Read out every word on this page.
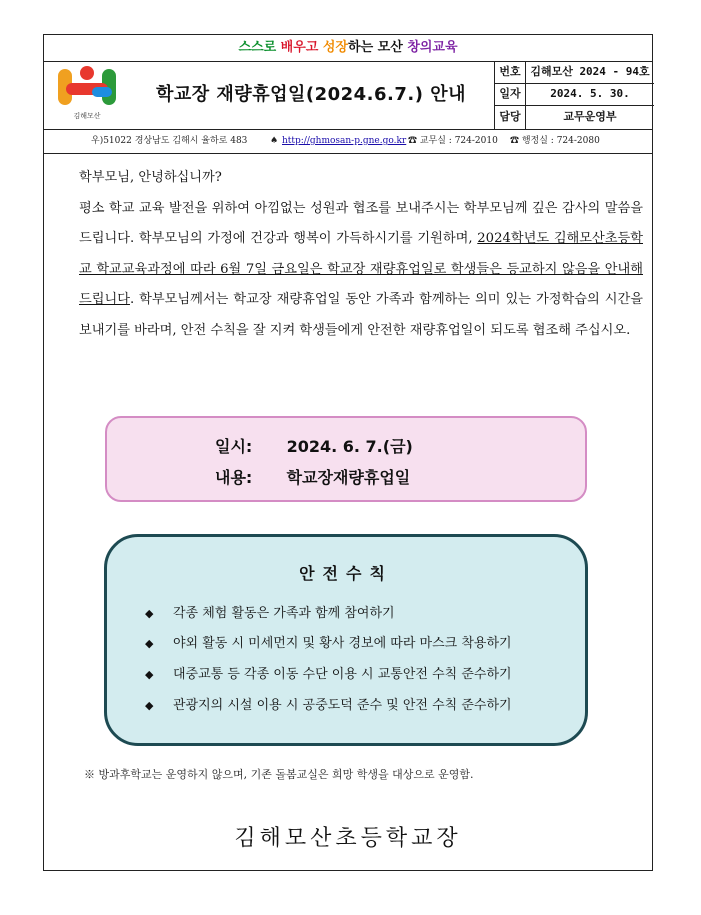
스스로 배우고 성장하는 모산 창의교육
김해모산
학교장 재량휴업일(2024.6.7.) 안내
번호 김해모산 2024 - 94호
일자	2024. 5. 30.
담당	교무운영부
우)51022 경상남도 김해시 율하로 483	♠ http://ghmosan-p.gne.go.kr ☎ 교무실 : 724-2010 ☎ 행정실 : 724-2080

학부모님, 안녕하십니까?

평소 학교 교육 발전을 위하여 아낌없는 성원과 협조를 보내주시는 학부모님께 깊은 감사의 말씀을 드립니다. 학부모님의 가정에 건강과 행복이 가득하시기를 기원하며, 2024학년도 김해모산초등학교 학교교육과정에 따라 6월 7일 금요일은 학교장 재량휴업일로 학생들은 등교하지 않음을 안내해 드립니다. 학부모님께서는 학교장 재량휴업일 동안 가족과 함께하는 의미 있는 가정학습의 시간을 보내기를 바라며, 안전 수칙을 잘 지켜 학생들에게 안전한 재량휴업일이 되도록 협조해 주십시오.

일시: 2024. 6. 7.(금)
내용: 학교장재량휴업일
안전수칙
◆ 각종 체험 활동은 가족과 함께 참여하기
◆ 야외 활동 시 미세먼지 및 황사 경보에 따라 마스크 착용하기
◆ 대중교통 등 각종 이동 수단 이용 시 교통안전 수칙 준수하기
◆ 관광지의 시설 이용 시 공중도덕 준수 및 안전 수칙 준수하기
※ 방과후학교는 운영하지 않으며, 기존 돌봄교실은 희망 학생을 대상으로 운영함.
김해모산초등학교장
